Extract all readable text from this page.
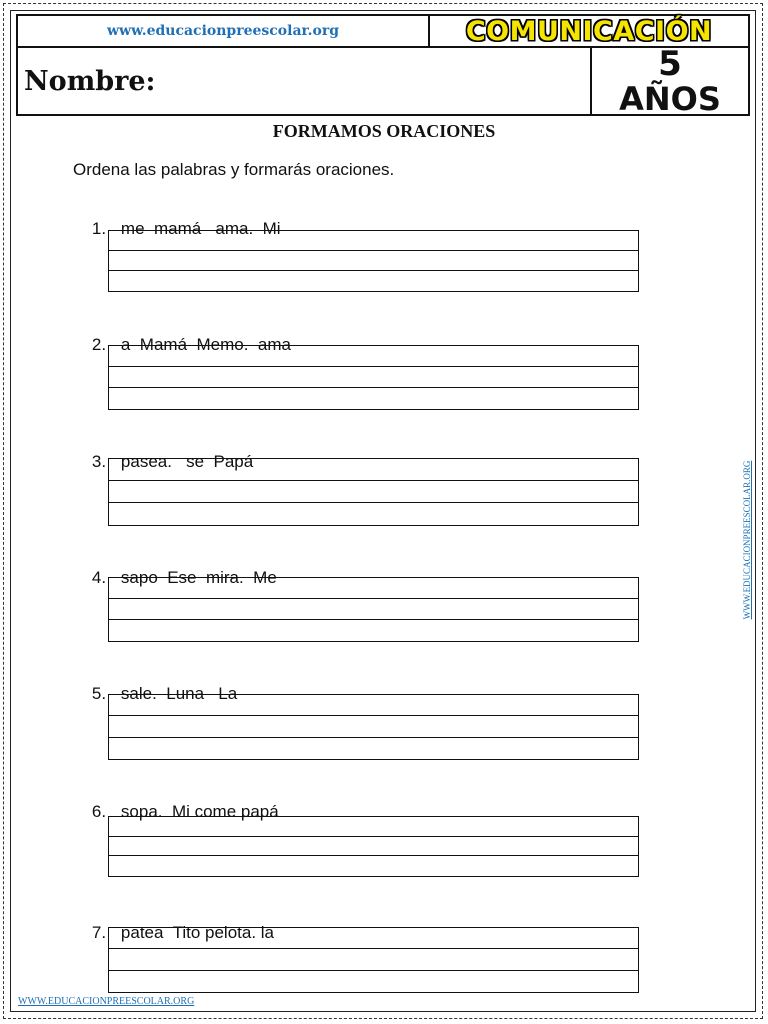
www.educacionpreescolar.org	COMUNICACIÓN
Nombre:	5
AÑOS
FORMAMOS ORACIONES
Ordena las palabras y formarás oraciones.

1. me  mamá   ama.  Mi

2. a  Mamá  Memo.  ama

3. pasea.   se  Papá

4. sapo  Ese  mira.  Me

5. sale.  Luna   La

6. sopa.  Mi come papá

7. patea  Tito pelota. la

WWW.EDUCACIONPREESCOLAR.ORG
WWW.EDUCACIONPREESCOLAR.ORG
